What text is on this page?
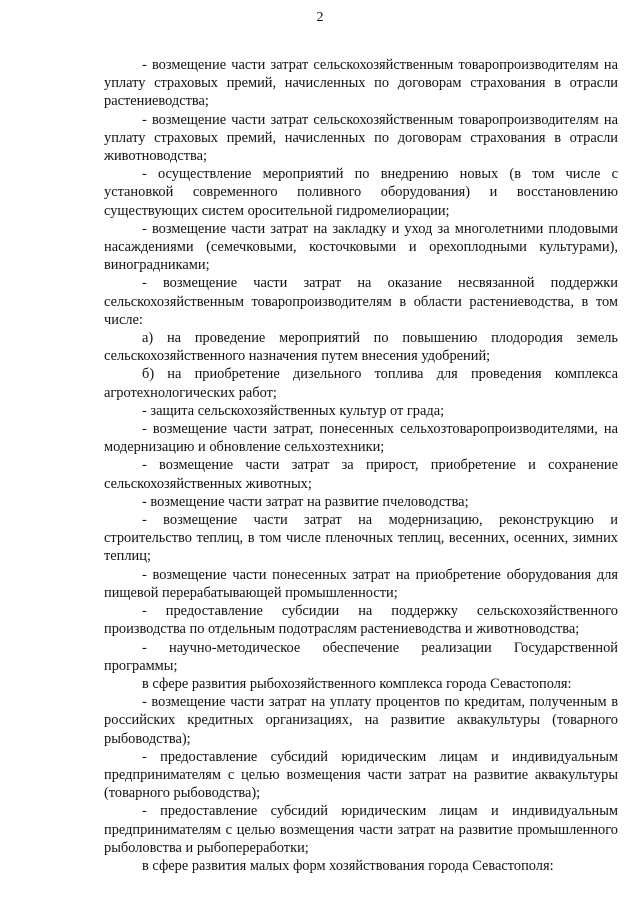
2

- возмещение части затрат сельскохозяйственным товаропроизводителям на уплату страховых премий, начисленных по договорам страхования в отрасли растениеводства;

- возмещение части затрат сельскохозяйственным товаропроизводителям на уплату страховых премий, начисленных по договорам страхования в отрасли животноводства;

- осуществление мероприятий по внедрению новых (в том числе с установкой современного поливного оборудования) и восстановлению существующих систем оросительной гидромелиорации;

- возмещение части затрат на закладку и уход за многолетними плодовыми насаждениями (семечковыми, косточковыми и орехоплодными культурами), виноградниками;

- возмещение части затрат на оказание несвязанной поддержки сельскохозяйственным товаропроизводителям в области растениеводства, в том числе:

а) на проведение мероприятий по повышению плодородия земель сельскохозяйственного назначения путем внесения удобрений;

б) на приобретение дизельного топлива для проведения комплекса агротехнологических работ;

- защита сельскохозяйственных культур от града;

- возмещение части затрат, понесенных сельхозтоваропроизводителями, на модернизацию и обновление сельхозтехники;

- возмещение части затрат за прирост, приобретение и сохранение сельскохозяйственных животных;

- возмещение части затрат на развитие пчеловодства;

- возмещение части затрат на модернизацию, реконструкцию и строительство теплиц, в том числе пленочных теплиц, весенних, осенних, зимних теплиц;

- возмещение части понесенных затрат на приобретение оборудования для пищевой перерабатывающей промышленности;

- предоставление субсидии на поддержку сельскохозяйственного производства по отдельным подотраслям растениеводства и животноводства;

- научно-методическое обеспечение реализации Государственной программы;

в сфере развития рыбохозяйственного комплекса города Севастополя:

- возмещение части затрат на уплату процентов по кредитам, полученным в российских кредитных организациях, на развитие аквакультуры (товарного рыбоводства);

- предоставление субсидий юридическим лицам и индивидуальным предпринимателям с целью возмещения части затрат на развитие аквакультуры (товарного рыбоводства);

- предоставление субсидий юридическим лицам и индивидуальным предпринимателям с целью возмещения части затрат на развитие промышленного рыболовства и рыбопереработки;

в сфере развития малых форм хозяйствования города Севастополя:
